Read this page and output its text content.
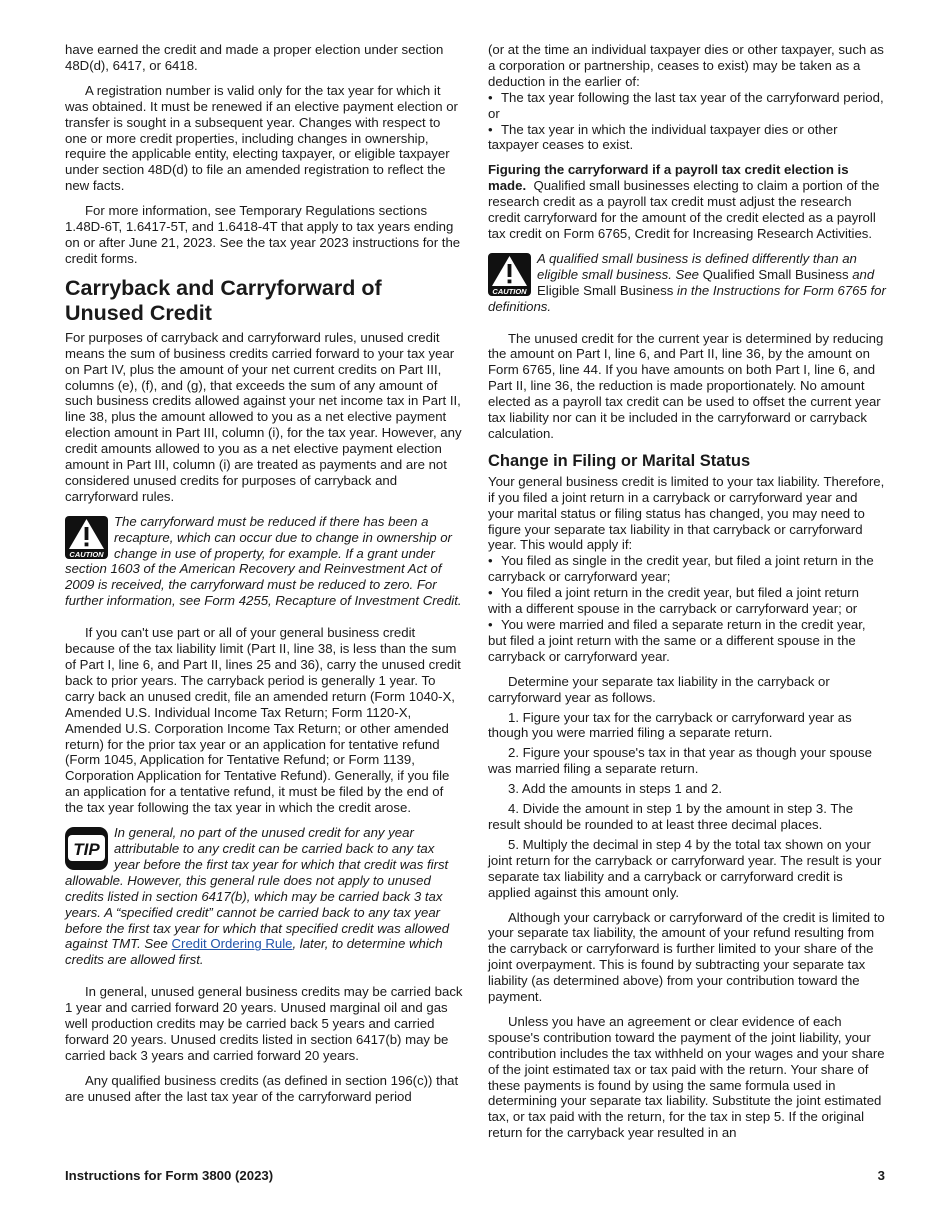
have earned the credit and made a proper election under section 48D(d), 6417, or 6418.

A registration number is valid only for the tax year for which it was obtained. It must be renewed if an elective payment election or transfer is sought in a subsequent year. Changes with respect to one or more credit properties, including changes in ownership, require the applicable entity, electing taxpayer, or eligible taxpayer under section 48D(d) to file an amended registration to reflect the new facts.

For more information, see Temporary Regulations sections 1.48D-6T, 1.6417-5T, and 1.6418-4T that apply to tax years ending on or after June 21, 2023. See the tax year 2023 instructions for the credit forms.

Carryback and Carryforward of Unused Credit

For purposes of carryback and carryforward rules, unused credit means the sum of business credits carried forward to your tax year on Part IV, plus the amount of your net current credits on Part III, columns (e), (f), and (g), that exceeds the sum of any amount of such business credits allowed against your net income tax in Part II, line 38, plus the amount allowed to you as a net elective payment election amount in Part III, column (i), for the tax year. However, any credit amounts allowed to you as a net elective payment election amount in Part III, column (i) are treated as payments and are not considered unused credits for purposes of carryback and carryforward rules.

CAUTION
The carryforward must be reduced if there has been a recapture, which can occur due to change in ownership or change in use of property, for example. If a grant under section 1603 of the American Recovery and Reinvestment Act of 2009 is received, the carryforward must be reduced to zero. For further information, see Form 4255, Recapture of Investment Credit.

If you can't use part or all of your general business credit because of the tax liability limit (Part II, line 38, is less than the sum of Part I, line 6, and Part II, lines 25 and 36), carry the unused credit back to prior years. The carryback period is generally 1 year. To carry back an unused credit, file an amended return (Form 1040-X, Amended U.S. Individual Income Tax Return; Form 1120-X, Amended U.S. Corporation Income Tax Return; or other amended return) for the prior tax year or an application for tentative refund (Form 1045, Application for Tentative Refund; or Form 1139, Corporation Application for Tentative Refund). Generally, if you file an application for a tentative refund, it must be filed by the end of the tax year following the tax year in which the credit arose.

TIP
In general, no part of the unused credit for any year attributable to any credit can be carried back to any tax year before the first tax year for which that credit was first allowable. However, this general rule does not apply to unused credits listed in section 6417(b), which may be carried back 3 tax years. A “specified credit” cannot be carried back to any tax year before the first tax year for which that specified credit was allowed against TMT. See Credit Ordering Rule, later, to determine which credits are allowed first.

In general, unused general business credits may be carried back 1 year and carried forward 20 years. Unused marginal oil and gas well production credits may be carried back 5 years and carried forward 20 years. Unused credits listed in section 6417(b) may be carried back 3 years and carried forward 20 years.

Any qualified business credits (as defined in section 196(c)) that are unused after the last tax year of the carryforward period

(or at the time an individual taxpayer dies or other taxpayer, such as a corporation or partnership, ceases to exist) may be taken as a deduction in the earlier of:
• The tax year following the last tax year of the carryforward period, or
• The tax year in which the individual taxpayer dies or other taxpayer ceases to exist.

Figuring the carryforward if a payroll tax credit election is made. Qualified small businesses electing to claim a portion of the research credit as a payroll tax credit must adjust the research credit carryforward for the amount of the credit elected as a payroll tax credit on Form 6765, Credit for Increasing Research Activities.

CAUTION
A qualified small business is defined differently than an eligible small business. See Qualified Small Business and Eligible Small Business in the Instructions for Form 6765 for definitions.

The unused credit for the current year is determined by reducing the amount on Part I, line 6, and Part II, line 36, by the amount on Form 6765, line 44. If you have amounts on both Part I, line 6, and Part II, line 36, the reduction is made proportionately. No amount elected as a payroll tax credit can be used to offset the current year tax liability nor can it be included in the carryforward or carryback calculation.

Change in Filing or Marital Status
Your general business credit is limited to your tax liability. Therefore, if you filed a joint return in a carryback or carryforward year and your marital status or filing status has changed, you may need to figure your separate tax liability in that carryback or carryforward year. This would apply if:
• You filed as single in the credit year, but filed a joint return in the carryback or carryforward year;
• You filed a joint return in the credit year, but filed a joint return with a different spouse in the carryback or carryforward year; or
• You were married and filed a separate return in the credit year, but filed a joint return with the same or a different spouse in the carryback or carryforward year.

Determine your separate tax liability in the carryback or carryforward year as follows.

1. Figure your tax for the carryback or carryforward year as though you were married filing a separate return.
2. Figure your spouse's tax in that year as though your spouse was married filing a separate return.
3. Add the amounts in steps 1 and 2.
4. Divide the amount in step 1 by the amount in step 3. The result should be rounded to at least three decimal places.
5. Multiply the decimal in step 4 by the total tax shown on your joint return for the carryback or carryforward year. The result is your separate tax liability and a carryback or carryforward credit is applied against this amount only.

Although your carryback or carryforward of the credit is limited to your separate tax liability, the amount of your refund resulting from the carryback or carryforward is further limited to your share of the joint overpayment. This is found by subtracting your separate tax liability (as determined above) from your contribution toward the payment.

Unless you have an agreement or clear evidence of each spouse's contribution toward the payment of the joint liability, your contribution includes the tax withheld on your wages and your share of the joint estimated tax or tax paid with the return. Your share of these payments is found by using the same formula used in determining your separate tax liability. Substitute the joint estimated tax, or tax paid with the return, for the tax in step 5. If the original return for the carryback year resulted in an

Instructions for Form 3800 (2023)	3
